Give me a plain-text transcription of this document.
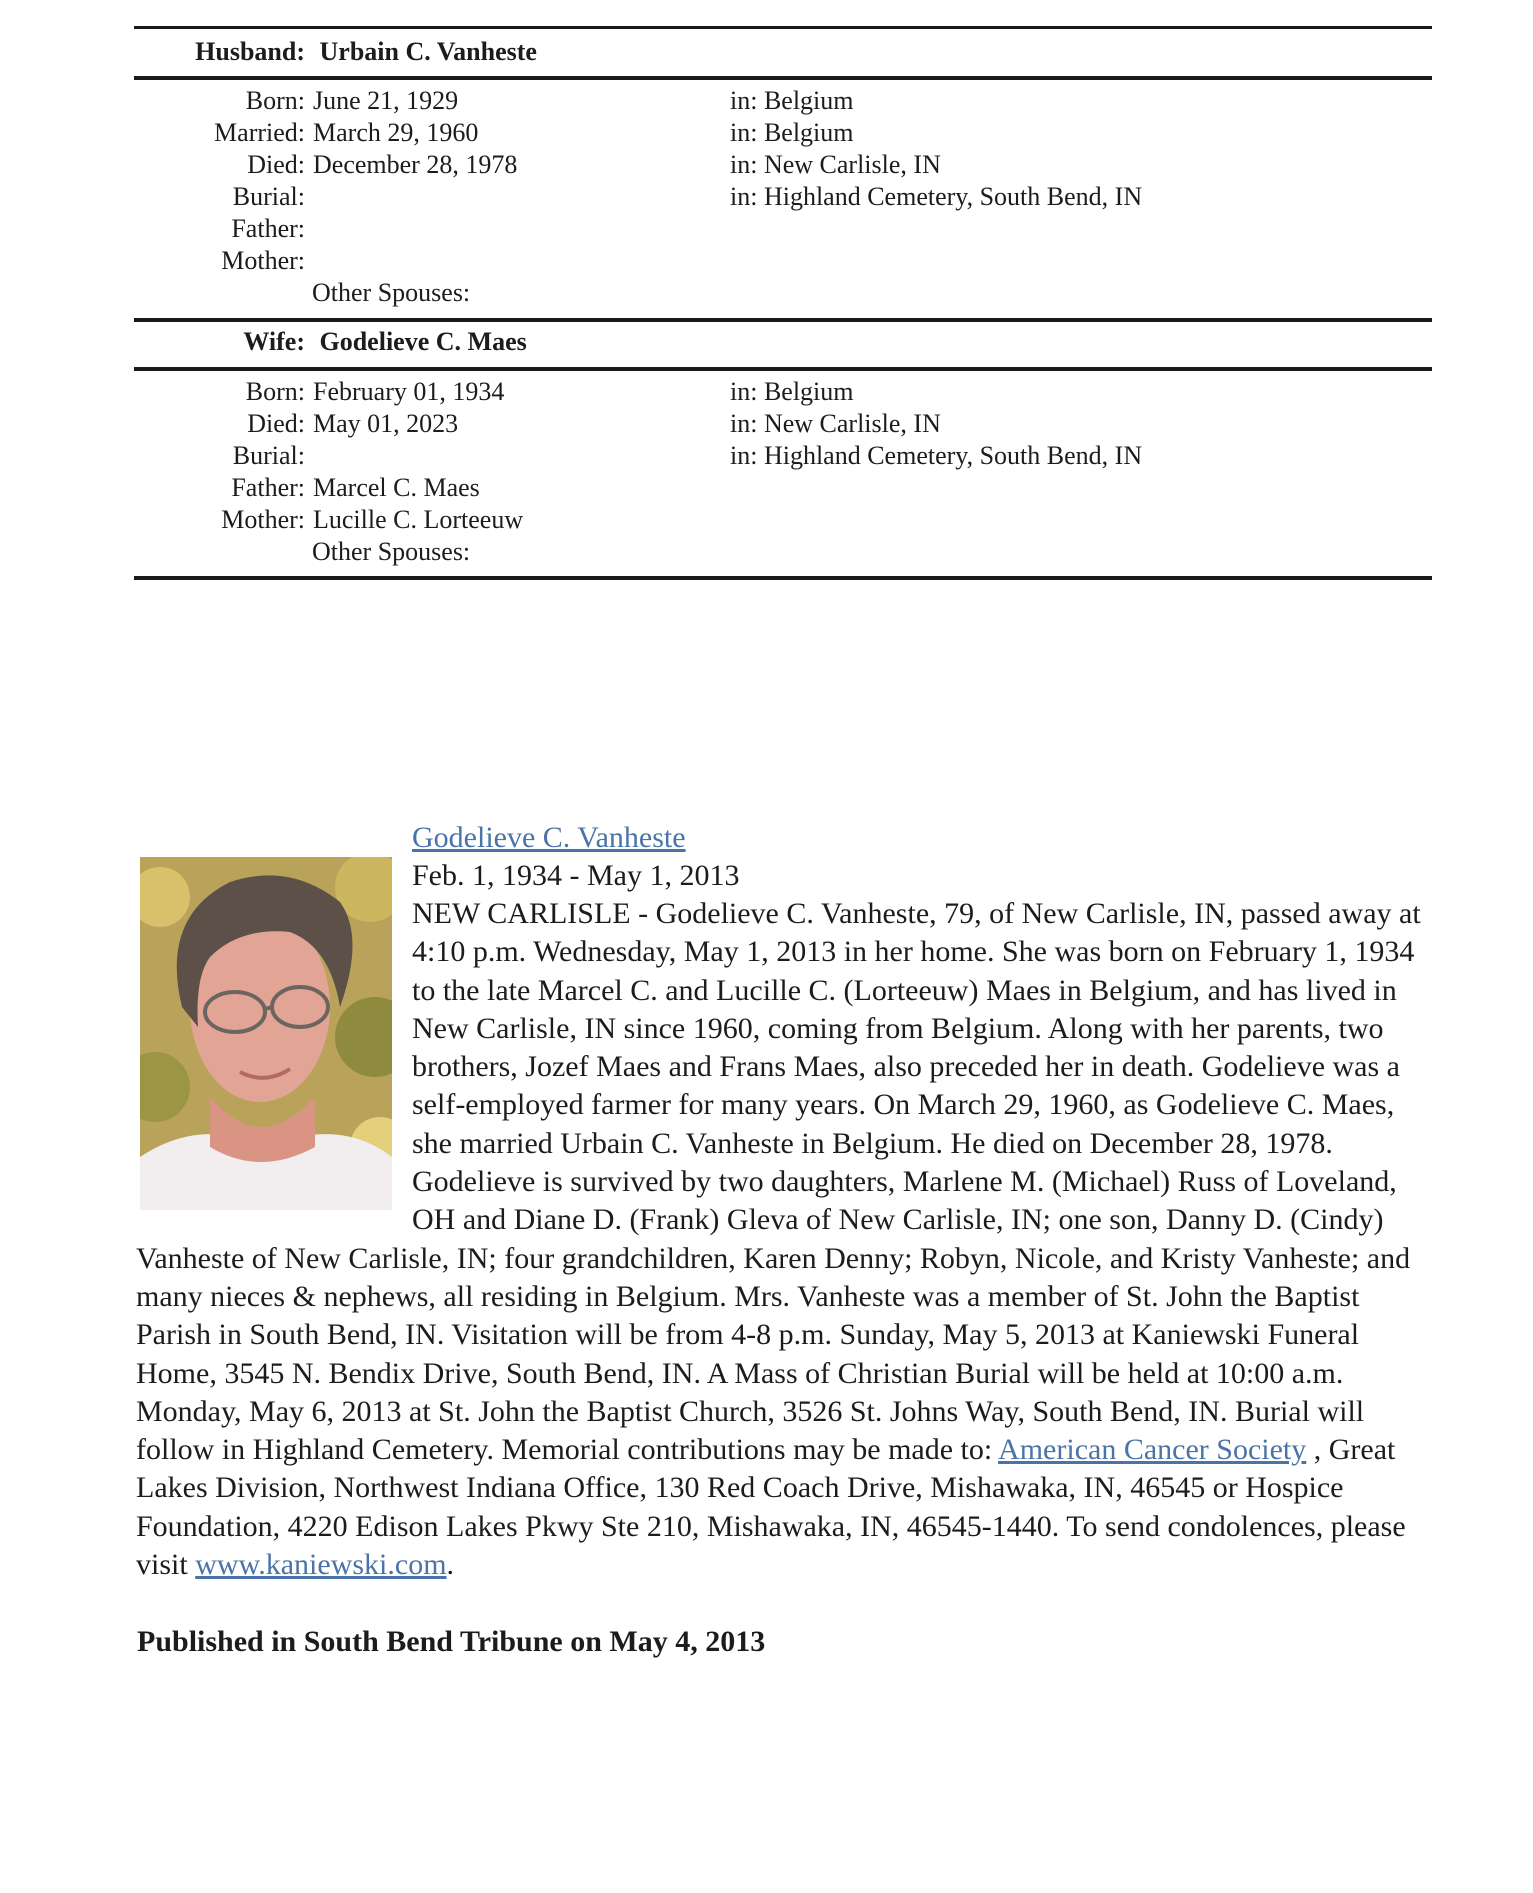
Husband: Urbain C. Vanheste
Born: June 21, 1929	in: Belgium
Married: March 29, 1960	in: Belgium
Died: December 28, 1978	in: New Carlisle, IN
Burial:	in: Highland Cemetery, South Bend, IN
Father:
Mother:
Other Spouses:
Wife: Godelieve C. Maes
Born: February 01, 1934	in: Belgium
Died: May 01, 2023	in: New Carlisle, IN
Burial:	in: Highland Cemetery, South Bend, IN
Father: Marcel C. Maes
Mother: Lucille C. Lorteeuw
Other Spouses:
Godelieve C. Vanheste
Feb. 1, 1934 - May 1, 2013
NEW CARLISLE - Godelieve C. Vanheste, 79, of New Carlisle, IN, passed away at 4:10 p.m. Wednesday, May 1, 2013 in her home. She was born on February 1, 1934 to the late Marcel C. and Lucille C. (Lorteeuw) Maes in Belgium, and has lived in New Carlisle, IN since 1960, coming from Belgium. Along with her parents, two brothers, Jozef Maes and Frans Maes, also preceded her in death. Godelieve was a self-employed farmer for many years. On March 29, 1960, as Godelieve C. Maes, she married Urbain C. Vanheste in Belgium. He died on December 28, 1978. Godelieve is survived by two daughters, Marlene M. (Michael) Russ of Loveland, OH and Diane D. (Frank) Gleva of New Carlisle, IN; one son, Danny D. (Cindy) Vanheste of New Carlisle, IN; four grandchildren, Karen Denny; Robyn, Nicole, and Kristy Vanheste; and many nieces & nephews, all residing in Belgium. Mrs. Vanheste was a member of St. John the Baptist Parish in South Bend, IN. Visitation will be from 4-8 p.m. Sunday, May 5, 2013 at Kaniewski Funeral Home, 3545 N. Bendix Drive, South Bend, IN. A Mass of Christian Burial will be held at 10:00 a.m. Monday, May 6, 2013 at St. John the Baptist Church, 3526 St. Johns Way, South Bend, IN. Burial will follow in Highland Cemetery. Memorial contributions may be made to: American Cancer Society , Great Lakes Division, Northwest Indiana Office, 130 Red Coach Drive, Mishawaka, IN, 46545 or Hospice Foundation, 4220 Edison Lakes Pkwy Ste 210, Mishawaka, IN, 46545-1440. To send condolences, please visit www.kaniewski.com.
Published in South Bend Tribune on May 4, 2013
